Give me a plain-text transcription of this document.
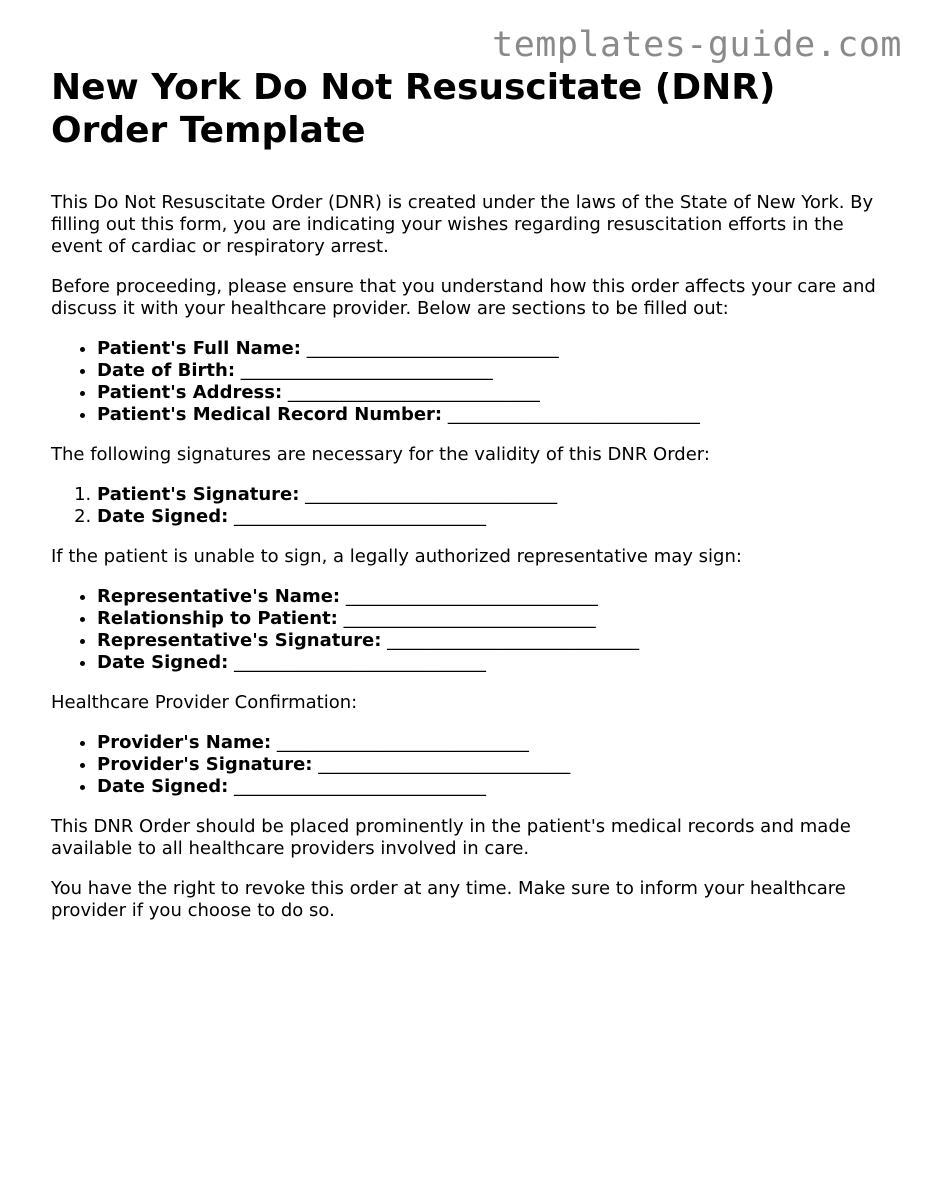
templates-guide.com
New York Do Not Resuscitate (DNR) Order Template

This Do Not Resuscitate Order (DNR) is created under the laws of the State of New York. By filling out this form, you are indicating your wishes regarding resuscitation efforts in the event of cardiac or respiratory arrest.

Before proceeding, please ensure that you understand how this order affects your care and discuss it with your healthcare provider. Below are sections to be filled out:

• Patient's Full Name: ____________________________
• Date of Birth: ____________________________
• Patient's Address: ____________________________
• Patient's Medical Record Number: ____________________________

The following signatures are necessary for the validity of this DNR Order:

1. Patient's Signature: ____________________________
2. Date Signed: ____________________________

If the patient is unable to sign, a legally authorized representative may sign:

• Representative's Name: ____________________________
• Relationship to Patient: ____________________________
• Representative's Signature: ____________________________
• Date Signed: ____________________________

Healthcare Provider Confirmation:

• Provider's Name: ____________________________
• Provider's Signature: ____________________________
• Date Signed: ____________________________

This DNR Order should be placed prominently in the patient's medical records and made available to all healthcare providers involved in care.

You have the right to revoke this order at any time. Make sure to inform your healthcare provider if you choose to do so.
